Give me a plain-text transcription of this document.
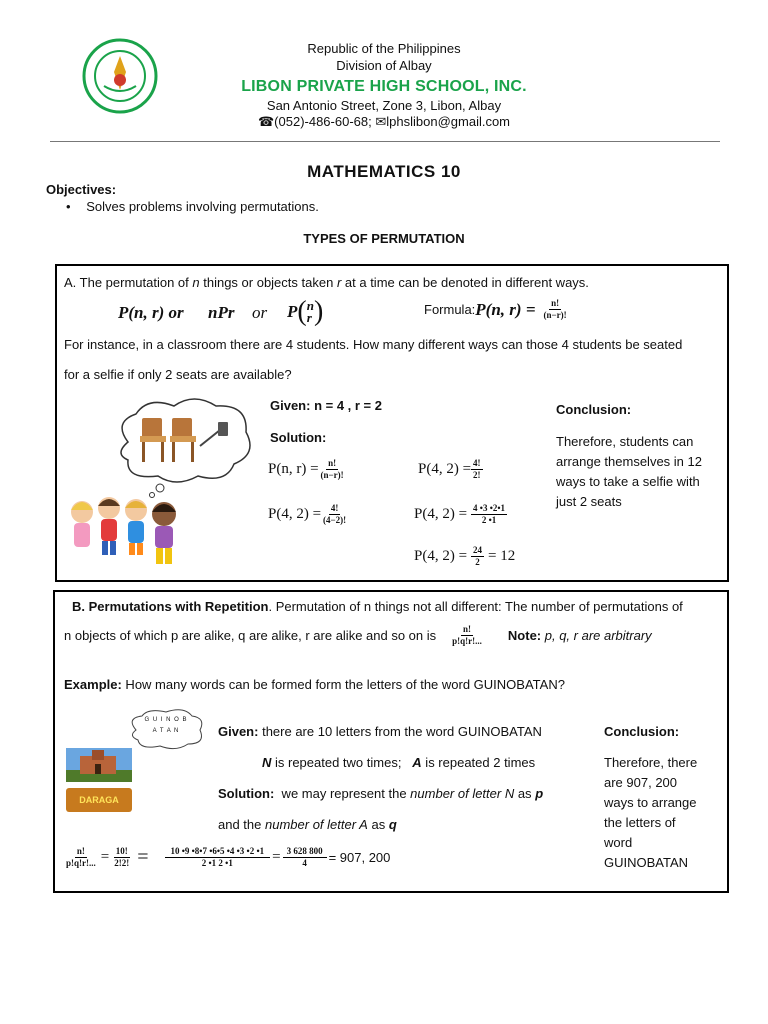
Republic of the Philippines
Division of Albay
LIBON PRIVATE HIGH SCHOOL, INC.
San Antonio Street, Zone 3, Libon, Albay
☎(052)-486-60-68; ✉lphslibon@gmail.com
MATHEMATICS 10
Objectives:
• Solves problems involving permutations.
TYPES OF PERMUTATION
A. The permutation of n things or objects taken r at a time can be denoted in different ways.
P(n, r) or nPr or P ( n
r )	Formula: P(n, $r) = \frac{n!}{(n-r)!}$
For instance, in a classroom there are 4 students. How many different ways can those 4 students be seated
for a selfie if only 2 seats are available?
Given: n = 4 , r = 2
Solution:
P(n, $r) = \frac{n!}{(n-r)!}$
P(4, $2) = \frac{4!}{(4-2)!}$
P(4, $2) = \frac{4!}{2!}$
P(4, $2) = \frac{4 •3 •2•1}{2 •1}$
P(4, $2) = \frac{24}{2} = 12$
Conclusion:
Therefore, students can
arrange themselves in 12
ways to take a selfie with
just 2 seats
B. Permutations with Repetition. Permutation of n things not all different: The number of permutations of
n objects of which p are alike, q are alike, r are alike and so on is $\frac{n!}{p!q!r!...}$ Note: p, q, r are arbitrary
Example: How many words can be formed form the letters of the word GUINOBATAN?
G U I N O B
A T A N
DARAGA
Given: there are 10 letters from the word GUINOBATAN
N is repeated two times;   A is repeated 2 times
Solution:  we may represent the number of letter N as p
and the number of letter A as q
$\frac{n!}{p!q!r!...} = \frac{10!}{2!2!} = \frac{10 •9 •8•7 •6•5 •4 •3 •2 •1}{2 •1 2 •1} = \frac{3 628 800}{4} = 907$, 200
Conclusion:
Therefore, there
are 907, 200
ways to arrange
the letters of
word
GUINOBATAN
